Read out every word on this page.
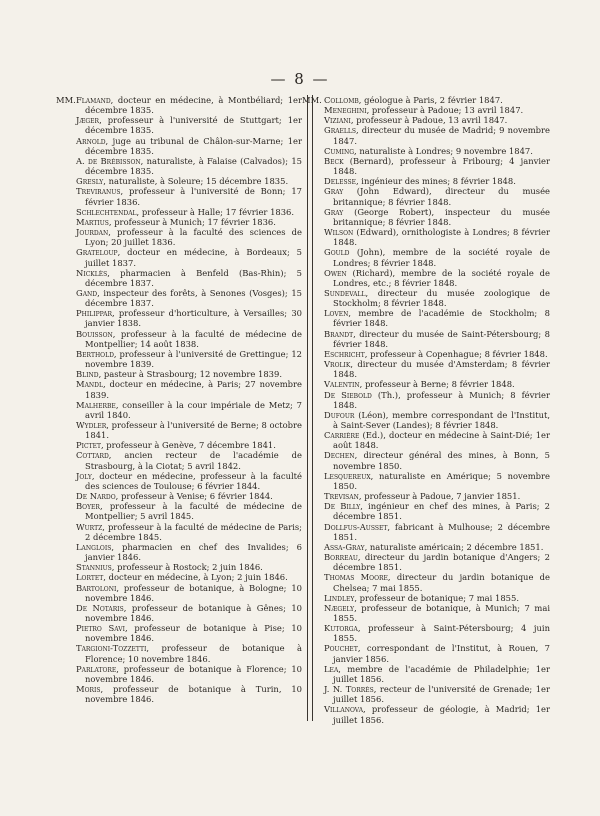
— 8 —
MM. Flamand, docteur en médecine, à Montbéliard; 1er décembre 1835.

Jæger, professeur à l'université de Stuttgart; 1er décembre 1835.

Arnold, juge au tribunal de Châlon-sur-Marne; 1er décembre 1835.

A. de Brébisson, naturaliste, à Falaise (Calvados); 15 décembre 1835.

Gresly, naturaliste, à Soleure; 15 décembre 1835.

Treviranus, professeur à l'université de Bonn; 17 février 1836.

Schlechtendal, professeur à Halle; 17 février 1836.

Martius, professeur à Munich; 17 février 1836.

Jourdan, professeur à la faculté des sciences de Lyon; 20 juillet 1836.

Grateloup, docteur en médecine, à Bordeaux; 5 juillet 1837.

Nicklès, pharmacien à Benfeld (Bas-Rhin); 5 décembre 1837.

Gand, inspecteur des forêts, à Senones (Vosges); 15 décembre 1837.

Philippar, professeur d'horticulture, à Versailles; 30 janvier 1838.

Bouisson, professeur à la faculté de médecine de Montpellier; 14 août 1838.

Berthold, professeur à l'université de Grettingue; 12 novembre 1839.

Blind, pasteur à Strasbourg; 12 novembre 1839.

Mandl, docteur en médecine, à Paris; 27 novembre 1839.

Malherbe, conseiller à la cour impériale de Metz; 7 avril 1840.

Wydler, professeur à l'université de Berne; 8 octobre 1841.

Pictet, professeur à Genève, 7 décembre 1841.

Cottard, ancien recteur de l'académie de Strasbourg, à la Ciotat; 5 avril 1842.

Joly, docteur en médecine, professeur à la faculté des sciences de Toulouse; 6 février 1844.

De Nardo, professeur à Venise; 6 février 1844.

Boyer, professeur à la faculté de médecine de Montpellier; 5 avril 1845.

Wurtz, professeur à la faculté de médecine de Paris; 2 décembre 1845.

Langlois, pharmacien en chef des Invalides; 6 janvier 1846.

Stannius, professeur à Rostock; 2 juin 1846.

Lortet, docteur en médecine, à Lyon; 2 juin 1846.

Bartoloni, professeur de botanique, à Bologne; 10 novembre 1846.

De Notaris, professeur de botanique à Gênes; 10 novembre 1846.

Pietro Savi, professeur de botanique à Pise; 10 novembre 1846.

Targioni-Tozzetti, professeur de botanique à Florence; 10 novembre 1846.

Parlatore, professeur de botanique à Florence; 10 novembre 1846.

Moris, professeur de botanique à Turin, 10 novembre 1846.

MM. Collomb, géologue à Paris, 2 février 1847.

Meneghini, professeur à Padoue; 13 avril 1847.

Viziani, professeur à Padoue, 13 avril 1847.

Graells, directeur du musée de Madrid; 9 novembre 1847.

Cuming, naturaliste à Londres; 9 novembre 1847.

Beck (Bernard), professeur à Fribourg; 4 janvier 1848.

Delesse, ingénieur des mines; 8 février 1848.

Gray (John Edward), directeur du musée britannique; 8 février 1848.

Gray (George Robert), inspecteur du musée britannique; 8 février 1848.

Wilson (Edward), ornithologiste à Londres; 8 février 1848.

Gould (John), membre de la société royale de Londres; 8 février 1848.

Owen (Richard), membre de la société royale de Londres, etc.; 8 février 1848.

Sundevall, directeur du musée zoologique de Stockholm; 8 février 1848.

Loven, membre de l'académie de Stockholm; 8 février 1848.

Brandt, directeur du musée de Saint-Pétersbourg; 8 février 1848.

Eschricht, professeur à Copenhague; 8 février 1848.

Vrolik, directeur du musée d'Amsterdam; 8 février 1848.

Valentin, professeur à Berne; 8 février 1848.

De Siebold (Th.), professeur à Munich; 8 février 1848.

Dufour (Léon), membre correspondant de l'Institut, à Saint-Sever (Landes); 8 février 1848.

Carrière (Ed.), docteur en médecine à Saint-Dié; 1er août 1848.

Dechen, directeur général des mines, à Bonn, 5 novembre 1850.

Lesquereux, naturaliste en Amérique; 5 novembre 1850.

Trevisan, professeur à Padoue, 7 janvier 1851.

De Billy, ingénieur en chef des mines, à Paris; 2 décembre 1851.

Dollfus-Ausset, fabricant à Mulhouse; 2 décembre 1851.

Assa-Gray, naturaliste américain; 2 décembre 1851.

Borreau, directeur du jardin botanique d'Angers; 2 décembre 1851.

Thomas Moore, directeur du jardin botanique de Chelsea; 7 mai 1855.

Lindley, professeur de botanique; 7 mai 1855.

Nægely, professeur de botanique, à Munich; 7 mai 1855.

Kutorga, professeur à Saint-Pétersbourg; 4 juin 1855.

Pouchet, correspondant de l'Institut, à Rouen, 7 janvier 1856.

Lea, membre de l'académie de Philadelphie; 1er juillet 1856.

J. N. Torrès, recteur de l'université de Grenade; 1er juillet 1856.

Villanova, professeur de géologie, à Madrid; 1er juillet 1856.
